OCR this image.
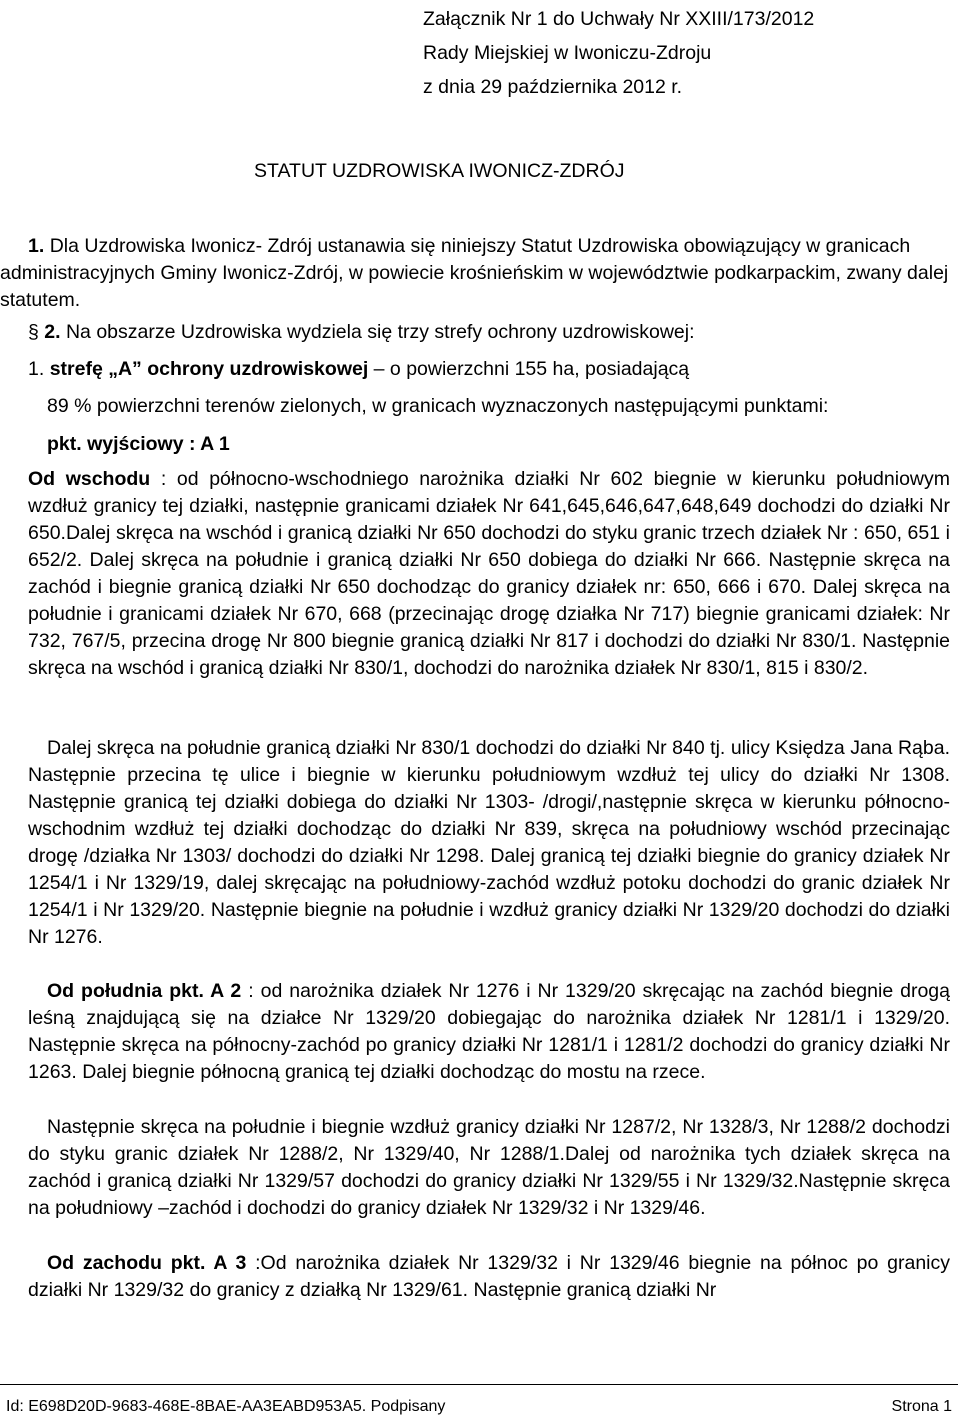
Załącznik Nr 1 do Uchwały Nr XXIII/173/2012
Rady Miejskiej w Iwoniczu-Zdroju
z dnia 29 października 2012 r.
STATUT UZDROWISKA IWONICZ-ZDRÓJ
1. Dla Uzdrowiska Iwonicz- Zdrój ustanawia się niniejszy Statut Uzdrowiska obowiązujący w granicach administracyjnych Gminy Iwonicz-Zdrój, w powiecie krośnieńskim w województwie podkarpackim, zwany dalej statutem.
§ 2. Na obszarze Uzdrowiska wydziela się trzy strefy ochrony uzdrowiskowej:
1. strefę „A” ochrony uzdrowiskowej – o powierzchni 155 ha, posiadającą
89 % powierzchni terenów zielonych, w granicach wyznaczonych następującymi punktami:
pkt. wyjściowy : A 1
Od wschodu : od północno-wschodniego narożnika działki Nr 602 biegnie w kierunku południowym wzdłuż granicy tej działki, następnie granicami działek Nr 641,645,646,647,648,649 dochodzi do działki Nr 650.Dalej skręca na wschód i granicą działki Nr 650 dochodzi do styku granic trzech działek Nr : 650, 651 i 652/2. Dalej skręca na południe i granicą działki Nr 650 dobiega do działki Nr 666. Następnie skręca na zachód i biegnie granicą działki Nr 650 dochodząc do granicy działek nr: 650, 666 i 670. Dalej skręca na południe i granicami działek Nr 670, 668 (przecinając drogę działka Nr 717) biegnie granicami działek: Nr 732, 767/5, przecina drogę Nr 800 biegnie granicą działki Nr 817 i dochodzi do działki Nr 830/1. Następnie skręca na wschód i granicą działki Nr 830/1, dochodzi do narożnika działek Nr 830/1, 815 i 830/2.
Dalej skręca na południe granicą działki Nr 830/1 dochodzi do działki Nr 840 tj. ulicy Księdza Jana Rąba. Następnie przecina tę ulice i biegnie w kierunku południowym wzdłuż tej ulicy do działki Nr 1308. Następnie granicą tej działki dobiega do działki Nr 1303- /drogi/,następnie skręca w kierunku północno-wschodnim wzdłuż tej działki dochodząc do działki Nr 839, skręca na południowy wschód przecinając drogę /działka Nr 1303/ dochodzi do działki Nr 1298. Dalej granicą tej działki biegnie do granicy działek Nr 1254/1 i Nr 1329/19, dalej skręcając na południowy-zachód wzdłuż potoku dochodzi do granic działek Nr 1254/1 i Nr 1329/20. Następnie biegnie na południe i wzdłuż granicy działki Nr 1329/20 dochodzi do działki Nr 1276.
Od południa pkt. A 2 : od narożnika działek Nr 1276 i Nr 1329/20 skręcając na zachód biegnie drogą leśną znajdującą się na działce Nr 1329/20 dobiegając do narożnika działek Nr 1281/1 i 1329/20. Następnie skręca na północny-zachód po granicy działki Nr 1281/1 i 1281/2 dochodzi do granicy działki Nr 1263. Dalej biegnie północną granicą tej działki dochodząc do mostu na rzece.
Następnie skręca na południe i biegnie wzdłuż granicy działki Nr 1287/2, Nr 1328/3, Nr 1288/2 dochodzi do styku granic działek Nr 1288/2, Nr 1329/40, Nr 1288/1.Dalej od narożnika tych działek skręca na zachód i granicą działki Nr 1329/57 dochodzi do granicy działki Nr 1329/55 i Nr 1329/32.Następnie skręca na południowy –zachód i dochodzi do granicy działek Nr 1329/32 i Nr 1329/46.
Od zachodu pkt. A 3 :Od narożnika działek Nr 1329/32 i Nr 1329/46 biegnie na północ po granicy działki Nr 1329/32 do granicy z działką Nr 1329/61. Następnie granicą działki Nr
Id: E698D20D-9683-468E-8BAE-AA3EABD953A5. Podpisany	Strona 1
